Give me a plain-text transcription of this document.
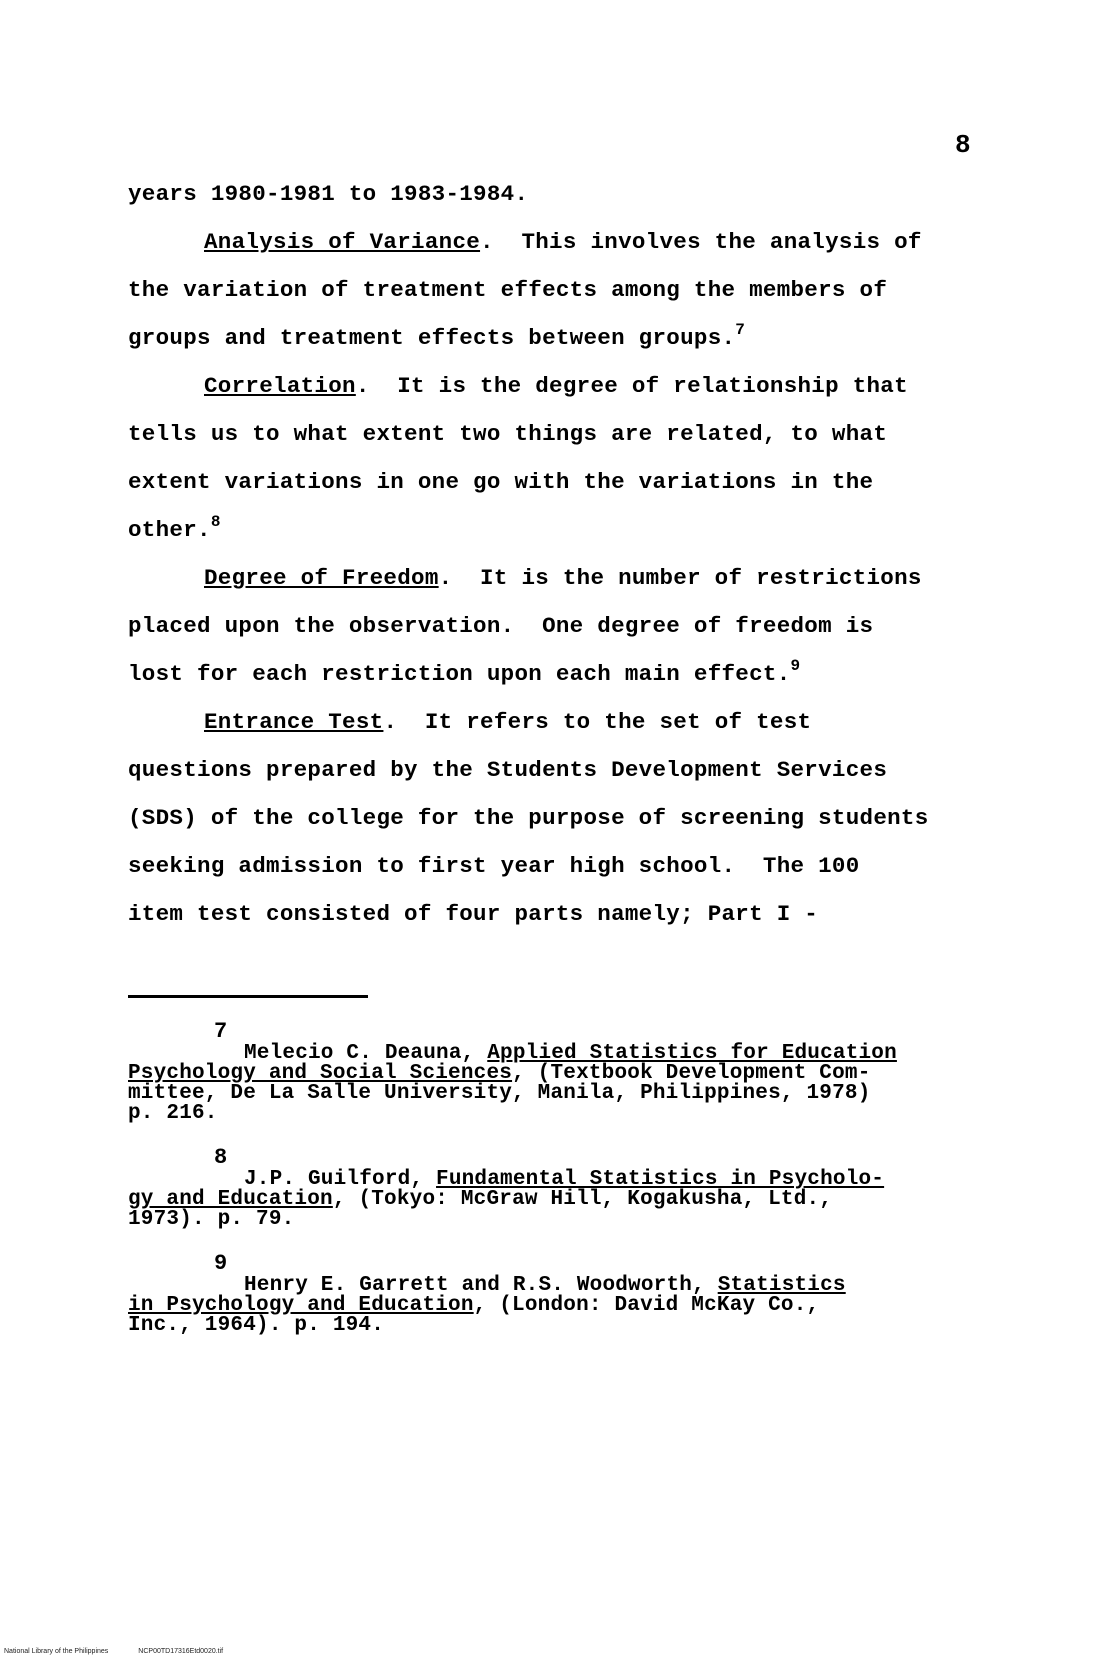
8
years 1980-1981 to 1983-1984.
Analysis of Variance.  This involves the analysis of
the variation of treatment effects among the members of
groups and treatment effects between groups.$^7$
Correlation.  It is the degree of relationship that
tells us to what extent two things are related, to what
extent variations in one go with the variations in the
other.$^8$
Degree of Freedom.  It is the number of restrictions
placed upon the observation.  One degree of freedom is
lost for each restriction upon each main effect.$^9$
Entrance Test.  It refers to the set of test
questions prepared by the Students Development Services
(SDS) of the college for the purpose of screening students
seeking admission to first year high school.  The 100
item test consisted of four parts namely; Part I -
7
Melecio C. Deauna, Applied Statistics for Education
Psychology and Social Sciences, (Textbook Development Com-
mittee, De La Salle University, Manila, Philippines, 1978)
p. 216.
8
J.P. Guilford, Fundamental Statistics in Psycholo-
gy and Education, (Tokyo: McGraw Hill, Kogakusha, Ltd.,
1973). p. 79.
9
Henry E. Garrett and R.S. Woodworth, Statistics
in Psychology and Education, (London: David McKay Co.,
Inc., 1964). p. 194.
National Library of the Philippines	NCP00TD17316Etd0020.tif
